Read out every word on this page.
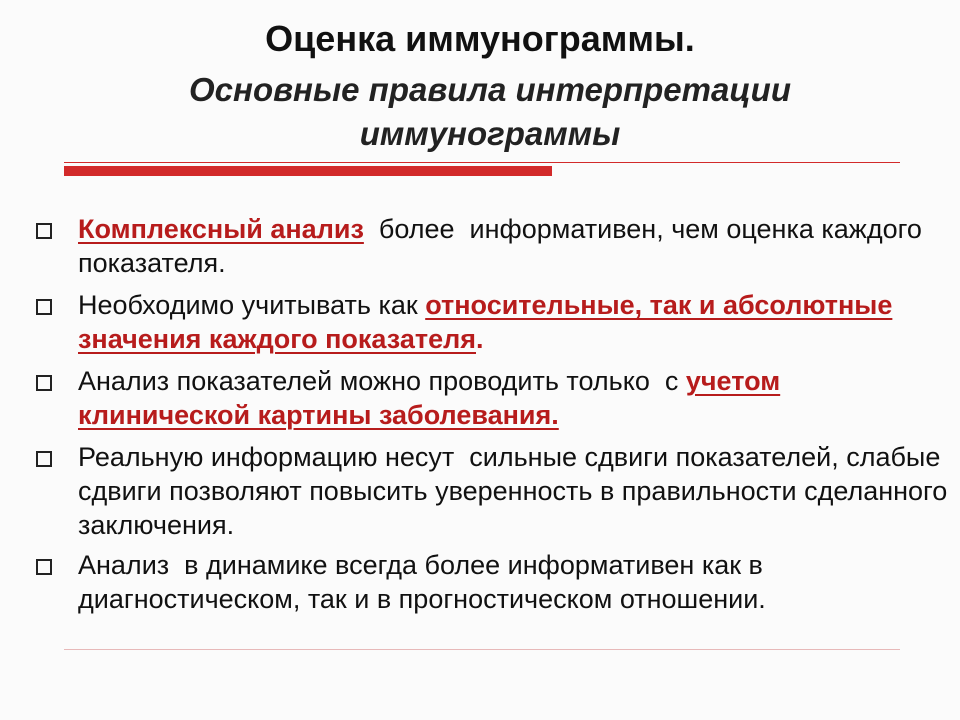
Оценка иммунограммы.
Основные правила интерпретации иммунограммы
Комплексный анализ  более  информативен, чем оценка каждого показателя.
Необходимо учитывать как относительные, так и абсолютные значения каждого показателя.
Анализ показателей можно проводить только  с учетом клинической картины заболевания.
Реальную информацию несут  сильные сдвиги показателей, слабые сдвиги позволяют повысить уверенность в правильности сделанного заключения.
Анализ  в динамике всегда более информативен как в диагностическом, так и в прогностическом отношении.
